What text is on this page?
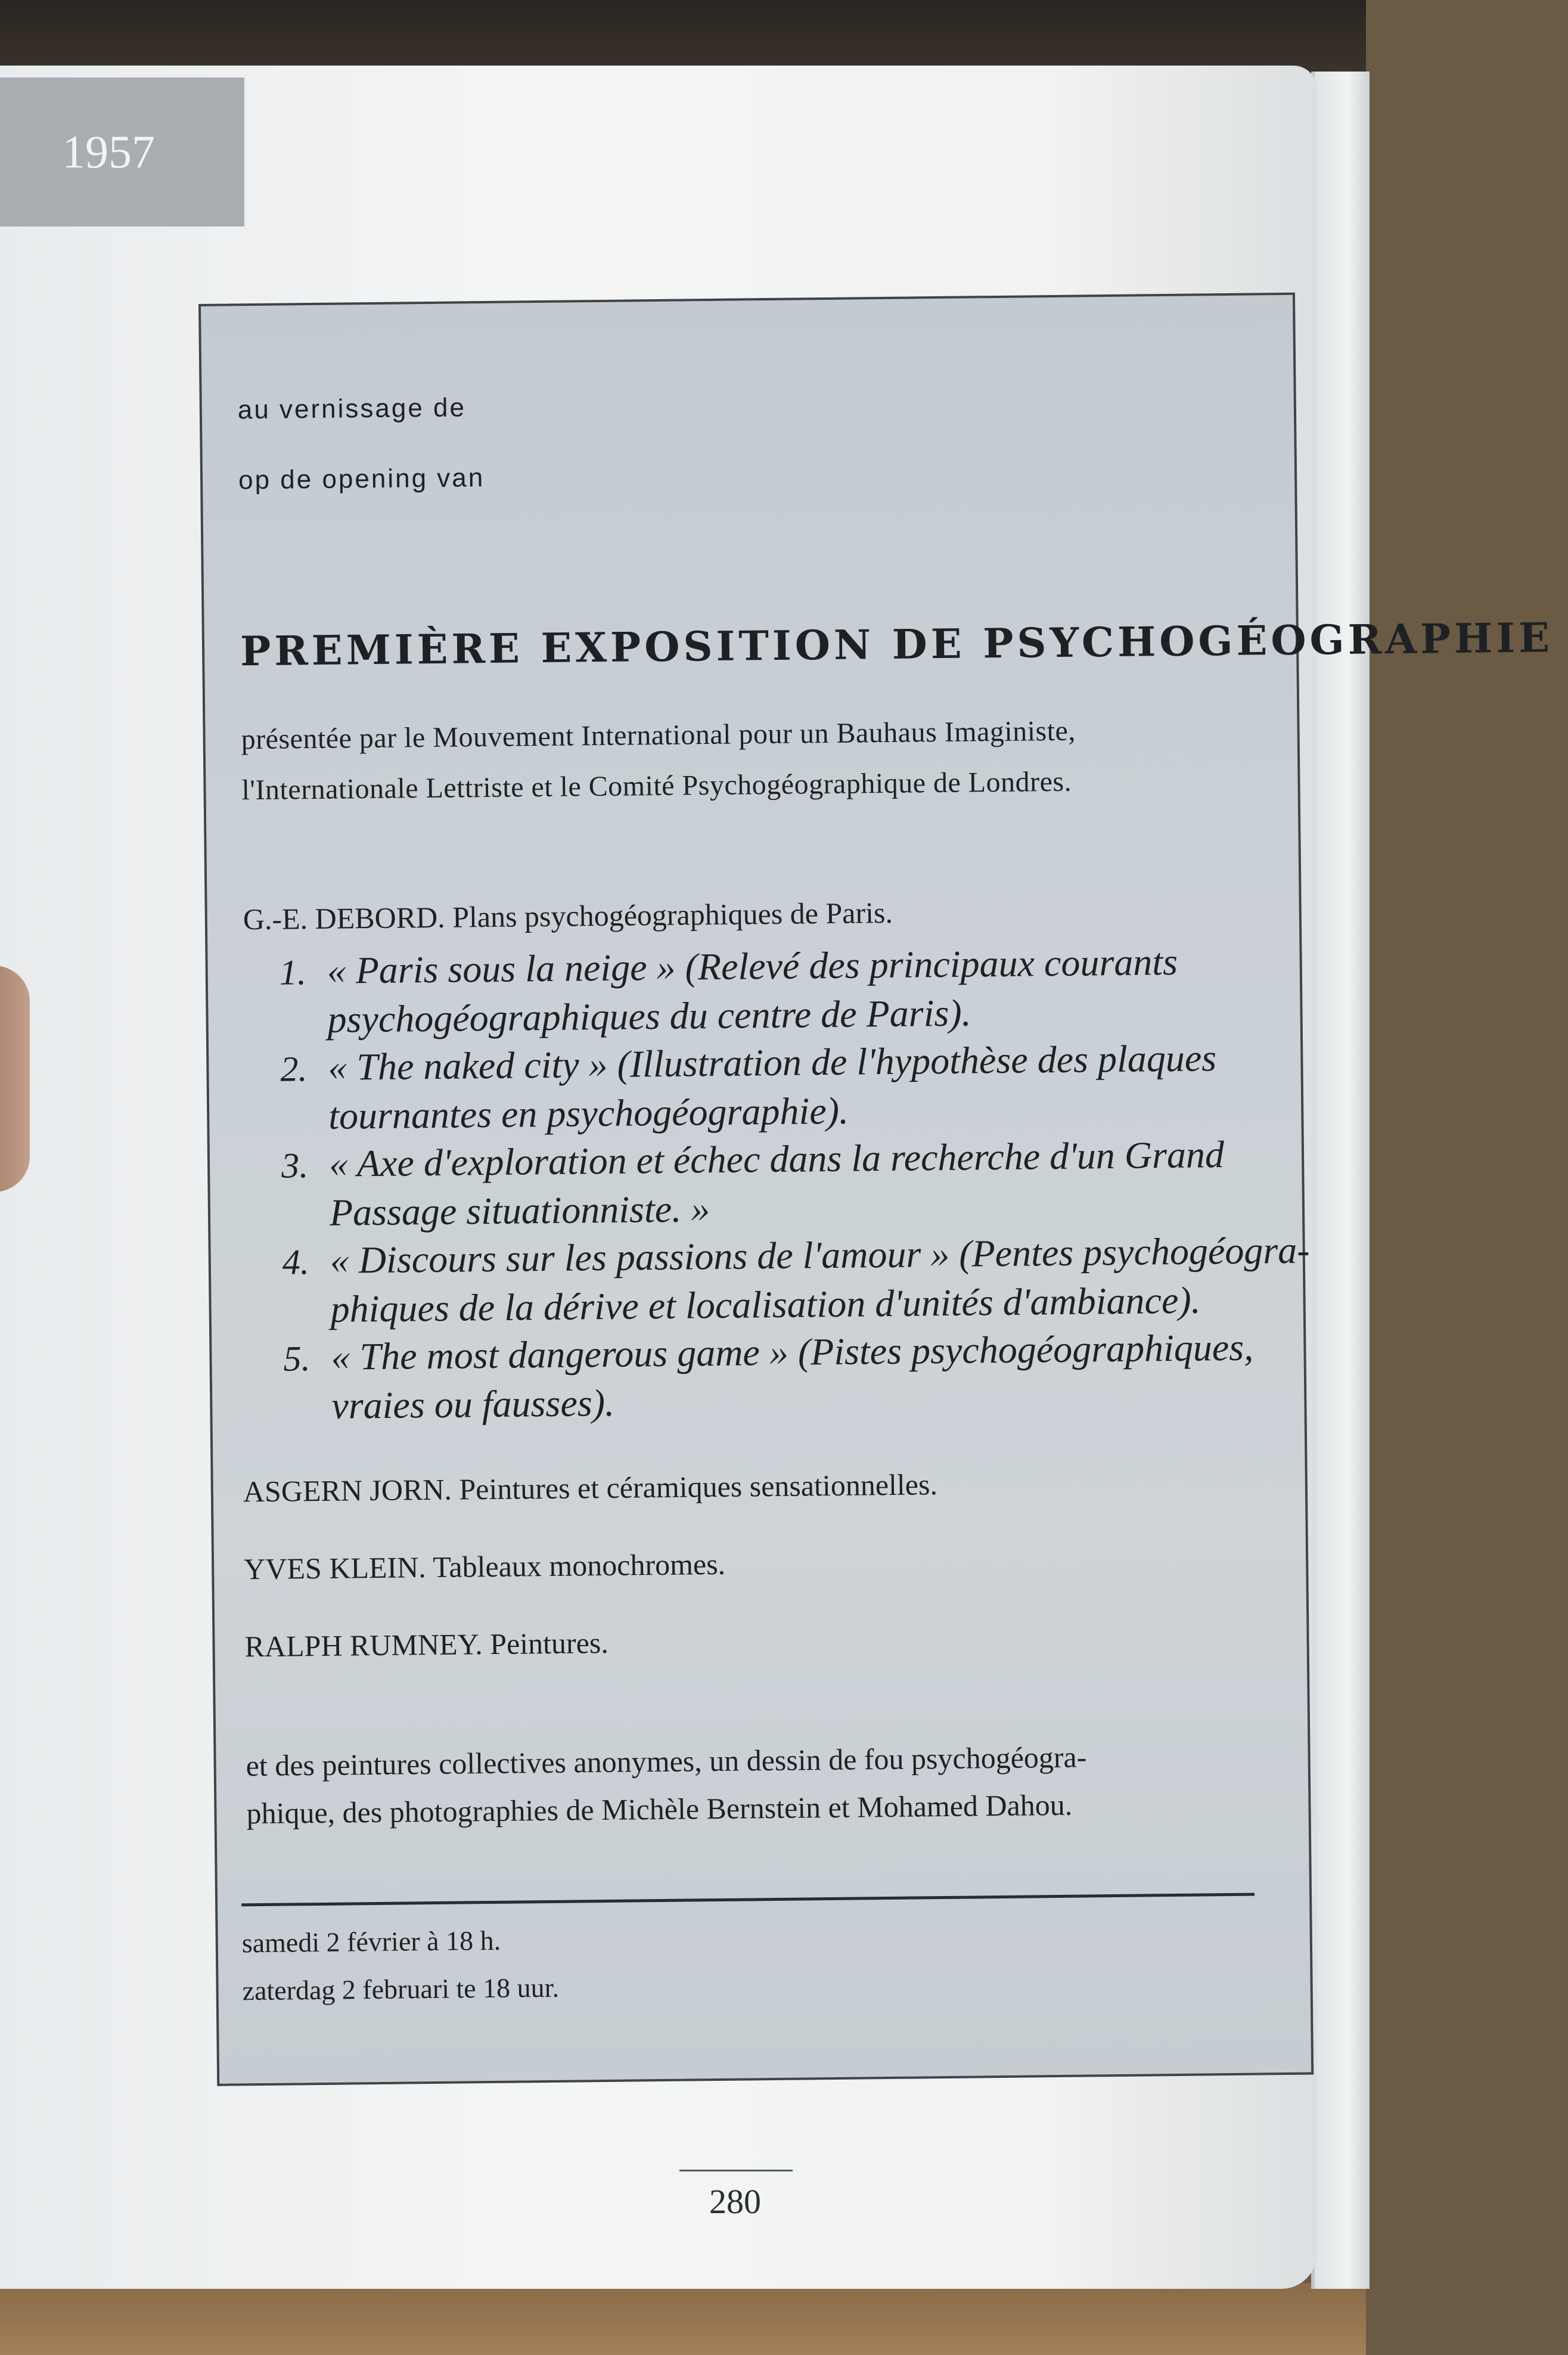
1957
au vernissage de
op de opening van
PREMIÈRE EXPOSITION DE PSYCHOGÉOGRAPHIE
présentée par le Mouvement International pour un Bauhaus Imaginiste,
l'Internationale Lettriste et le Comité Psychogéographique de Londres.
G.-E. DEBORD. Plans psychogéographiques de Paris.
1. « Paris sous la neige » (Relevé des principaux courants
psychogéographiques du centre de Paris).
2. « The naked city » (Illustration de l'hypothèse des plaques
tournantes en psychogéographie).
3. « Axe d'exploration et échec dans la recherche d'un Grand
Passage situationniste. »
4. « Discours sur les passions de l'amour » (Pentes psychogéogra-
phiques de la dérive et localisation d'unités d'ambiance).
5. « The most dangerous game » (Pistes psychogéographiques,
vraies ou fausses).
ASGERN JORN. Peintures et céramiques sensationnelles.
YVES KLEIN. Tableaux monochromes.
RALPH RUMNEY. Peintures.
et des peintures collectives anonymes, un dessin de fou psychogéogra-
phique, des photographies de Michèle Bernstein et Mohamed Dahou.
samedi 2 février à 18 h.
zaterdag 2 februari te 18 uur.
280
